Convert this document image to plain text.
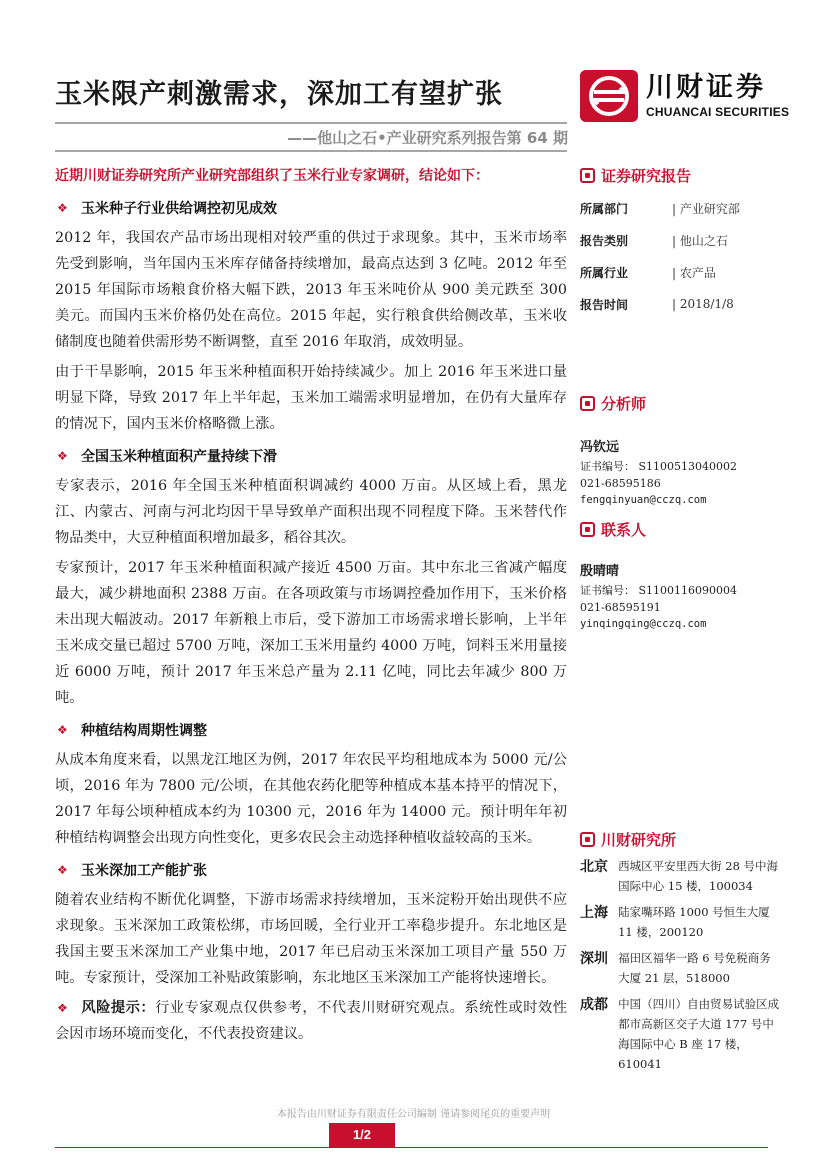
玉米限产刺激需求，深加工有望扩张	川财证券
CHUANCAI SECURITIES
——他山之石•产业研究系列报告第 64 期
近期川财证券研究所产业研究部组织了玉米行业专家调研，结论如下：
❖ 玉米种子行业供给调控初见成效

2012 年，我国农产品市场出现相对较严重的供过于求现象。其中，玉米市场率先受到影响，当年国内玉米库存储备持续增加，最高点达到 3 亿吨。2012 年至 2015 年国际市场粮食价格大幅下跌，2013 年玉米吨价从 900 美元跌至 300 美元。而国内玉米价格仍处在高位。2015 年起，实行粮食供给侧改革，玉米收储制度也随着供需形势不断调整，直至 2016 年取消，成效明显。

由于干旱影响，2015 年玉米种植面积开始持续减少。加上 2016 年玉米进口量明显下降，导致 2017 年上半年起，玉米加工端需求明显增加，在仍有大量库存的情况下，国内玉米价格略微上涨。

❖ 全国玉米种植面积产量持续下滑

专家表示，2016 年全国玉米种植面积调减约 4000 万亩。从区域上看，黑龙江、内蒙古、河南与河北均因干旱导致单产面积出现不同程度下降。玉米替代作物品类中，大豆种植面积增加最多，稻谷其次。

专家预计，2017 年玉米种植面积减产接近 4500 万亩。其中东北三省减产幅度最大，减少耕地面积 2388 万亩。在各项政策与市场调控叠加作用下，玉米价格未出现大幅波动。2017 年新粮上市后，受下游加工市场需求增长影响，上半年玉米成交量已超过 5700 万吨，深加工玉米用量约 4000 万吨，饲料玉米用量接近 6000 万吨，预计 2017 年玉米总产量为 2.11 亿吨，同比去年减少 800 万吨。

❖ 种植结构周期性调整

从成本角度来看，以黑龙江地区为例，2017 年农民平均租地成本为 5000 元/公顷，2016 年为 7800 元/公顷，在其他农药化肥等种植成本基本持平的情况下，2017 年每公顷种植成本约为 10300 元，2016 年为 14000 元。预计明年年初种植结构调整会出现方向性变化，更多农民会主动选择种植收益较高的玉米。

❖ 玉米深加工产能扩张

随着农业结构不断优化调整，下游市场需求持续增加，玉米淀粉开始出现供不应求现象。玉米深加工政策松绑，市场回暖，全行业开工率稳步提升。东北地区是我国主要玉米深加工产业集中地，2017 年已启动玉米深加工项目产量 550 万吨。专家预计，受深加工补贴政策影响，东北地区玉米深加工产能将快速增长。

❖ 风险提示：行业专家观点仅供参考，不代表川财研究观点。系统性或时效性会因市场环境而变化，不代表投资建议。

证券研究报告
所属部门	| 产业研究部
报告类别	| 他山之石
所属行业	| 农产品
报告时间	| 2018/1/8
分析师
冯钦远
证书编号： S1100513040002
021-68595186
fengqinyuan@cczq.com
联系人
殷晴晴
证书编号： S1100116090004
021-68595191
yinqingqing@cczq.com
川财研究所
北京 西城区平安里西大街 28 号中海国际中心 15 楼，100034
上海 陆家嘴环路 1000 号恒生大厦 11 楼，200120
深圳 福田区福华一路 6 号免税商务大厦 21 层，518000
成都 中国（四川）自由贸易试验区成都市高新区交子大道 177 号中海国际中心 B 座 17 楼，610041
本报告由川财证券有限责任公司编制 谨请参阅尾页的重要声明
1/2
